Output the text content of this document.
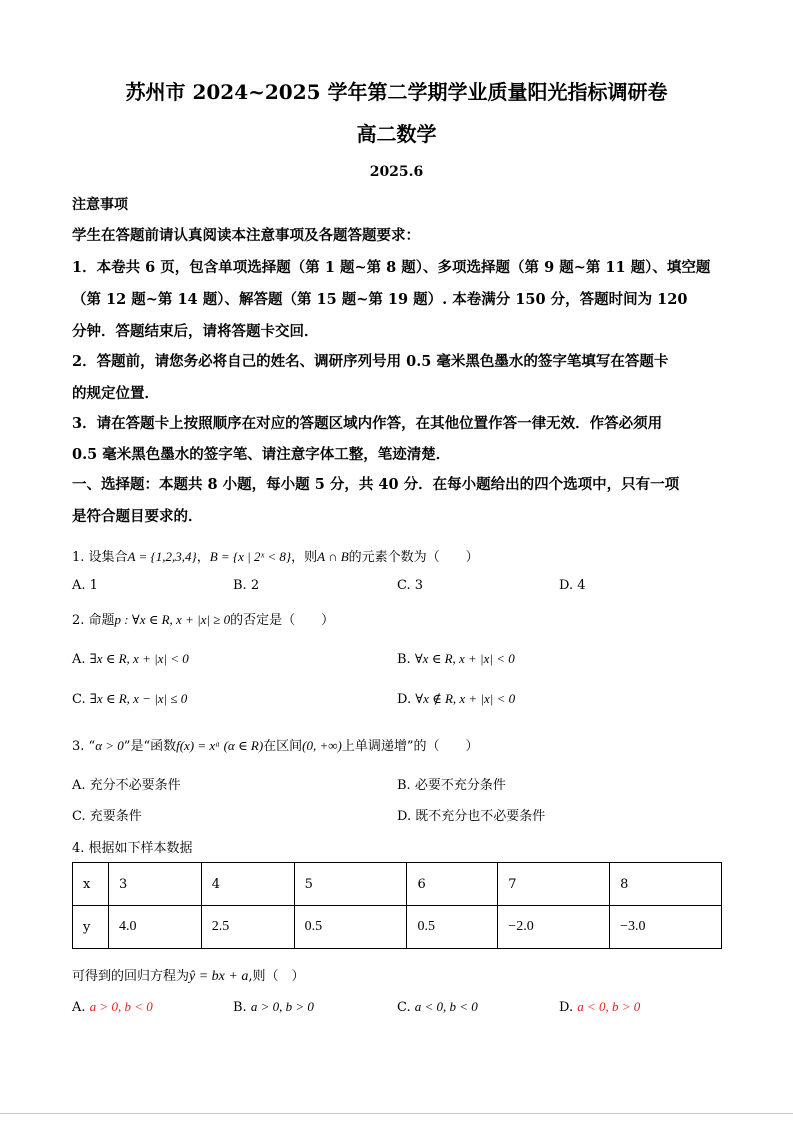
苏州市 2024~2025 学年第二学期学业质量阳光指标调研卷
高二数学
2025.6
注意事项
学生在答题前请认真阅读本注意事项及各题答题要求：
1．本卷共 6 页，包含单项选择题（第 1 题~第 8 题）、多项选择题（第 9 题~第 11 题）、填空题
（第 12 题~第 14 题）、解答题（第 15 题~第 19 题）. 本卷满分 150 分，答题时间为 120
分钟．答题结束后，请将答题卡交回．
2．答题前，请您务必将自己的姓名、调研序列号用 0.5 毫米黑色墨水的签字笔填写在答题卡
的规定位置．
3．请在答题卡上按照顺序在对应的答题区域内作答，在其他位置作答一律无效．作答必须用
0.5 毫米黑色墨水的签字笔、请注意字体工整，笔迹清楚．
一、选择题：本题共 8 小题，每小题 5 分，共 40 分．在每小题给出的四个选项中，只有一项
是符合题目要求的．
1. 设集合A = {1,2,3,4}，B = {x | 2ˣ < 8}，则A ∩ B的元素个数为（　　）
A. 1	B. 2	C. 3	D. 4
2. 命题p : ∀x ∈ R, x + |x| ≥ 0的否定是（　　）
A. ∃x ∈ R, x + |x| < 0	B. ∀x ∈ R, x + |x| < 0
C. ∃x ∈ R, x − |x| ≤ 0	D. ∀x ∉ R, x + |x| < 0
3. “α > 0”是“函数f(x) = xᵅ (α ∈ R)在区间(0, +∞)上单调递增”的（　　）
A. 充分不必要条件	B. 必要不充分条件
C. 充要条件	D. 既不充分也不必要条件
4. 根据如下样本数据
x	3	4	5	6	7	8
y	4.0	2.5	0.5	0.5	−2.0	−3.0
可得到的回归方程为ŷ = bx + a,则（　）
A. a > 0, b < 0	B. a > 0, b > 0	C. a < 0, b < 0	D. a < 0, b > 0
